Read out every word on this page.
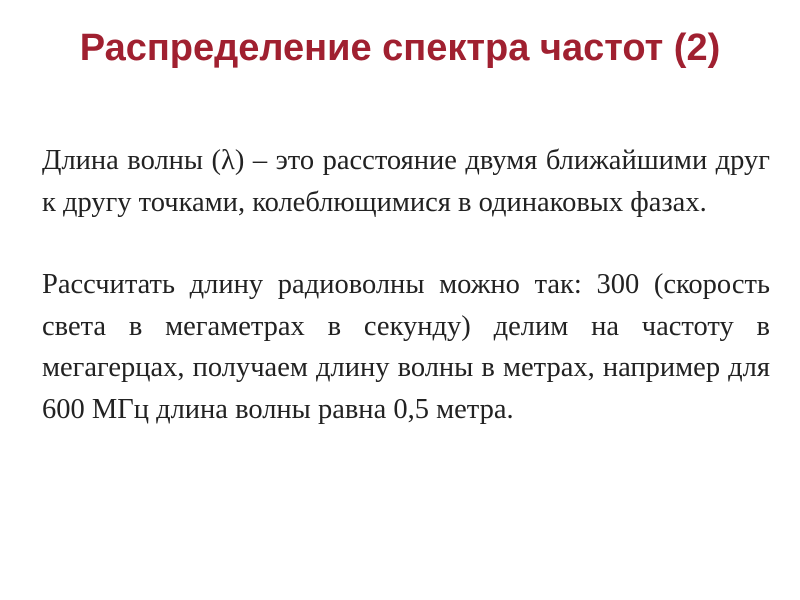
Распределение спектра частот (2)

Длина волны (λ) – это расстояние двумя ближайшими друг к другу точками, колеблющимися в одинаковых фазах.

Рассчитать длину радиоволны можно так: 300 (скорость света в мегаметрах в секунду) делим на частоту в мегагерцах, получаем длину волны в метрах, например для 600 МГц длина волны равна 0,5 метра.
